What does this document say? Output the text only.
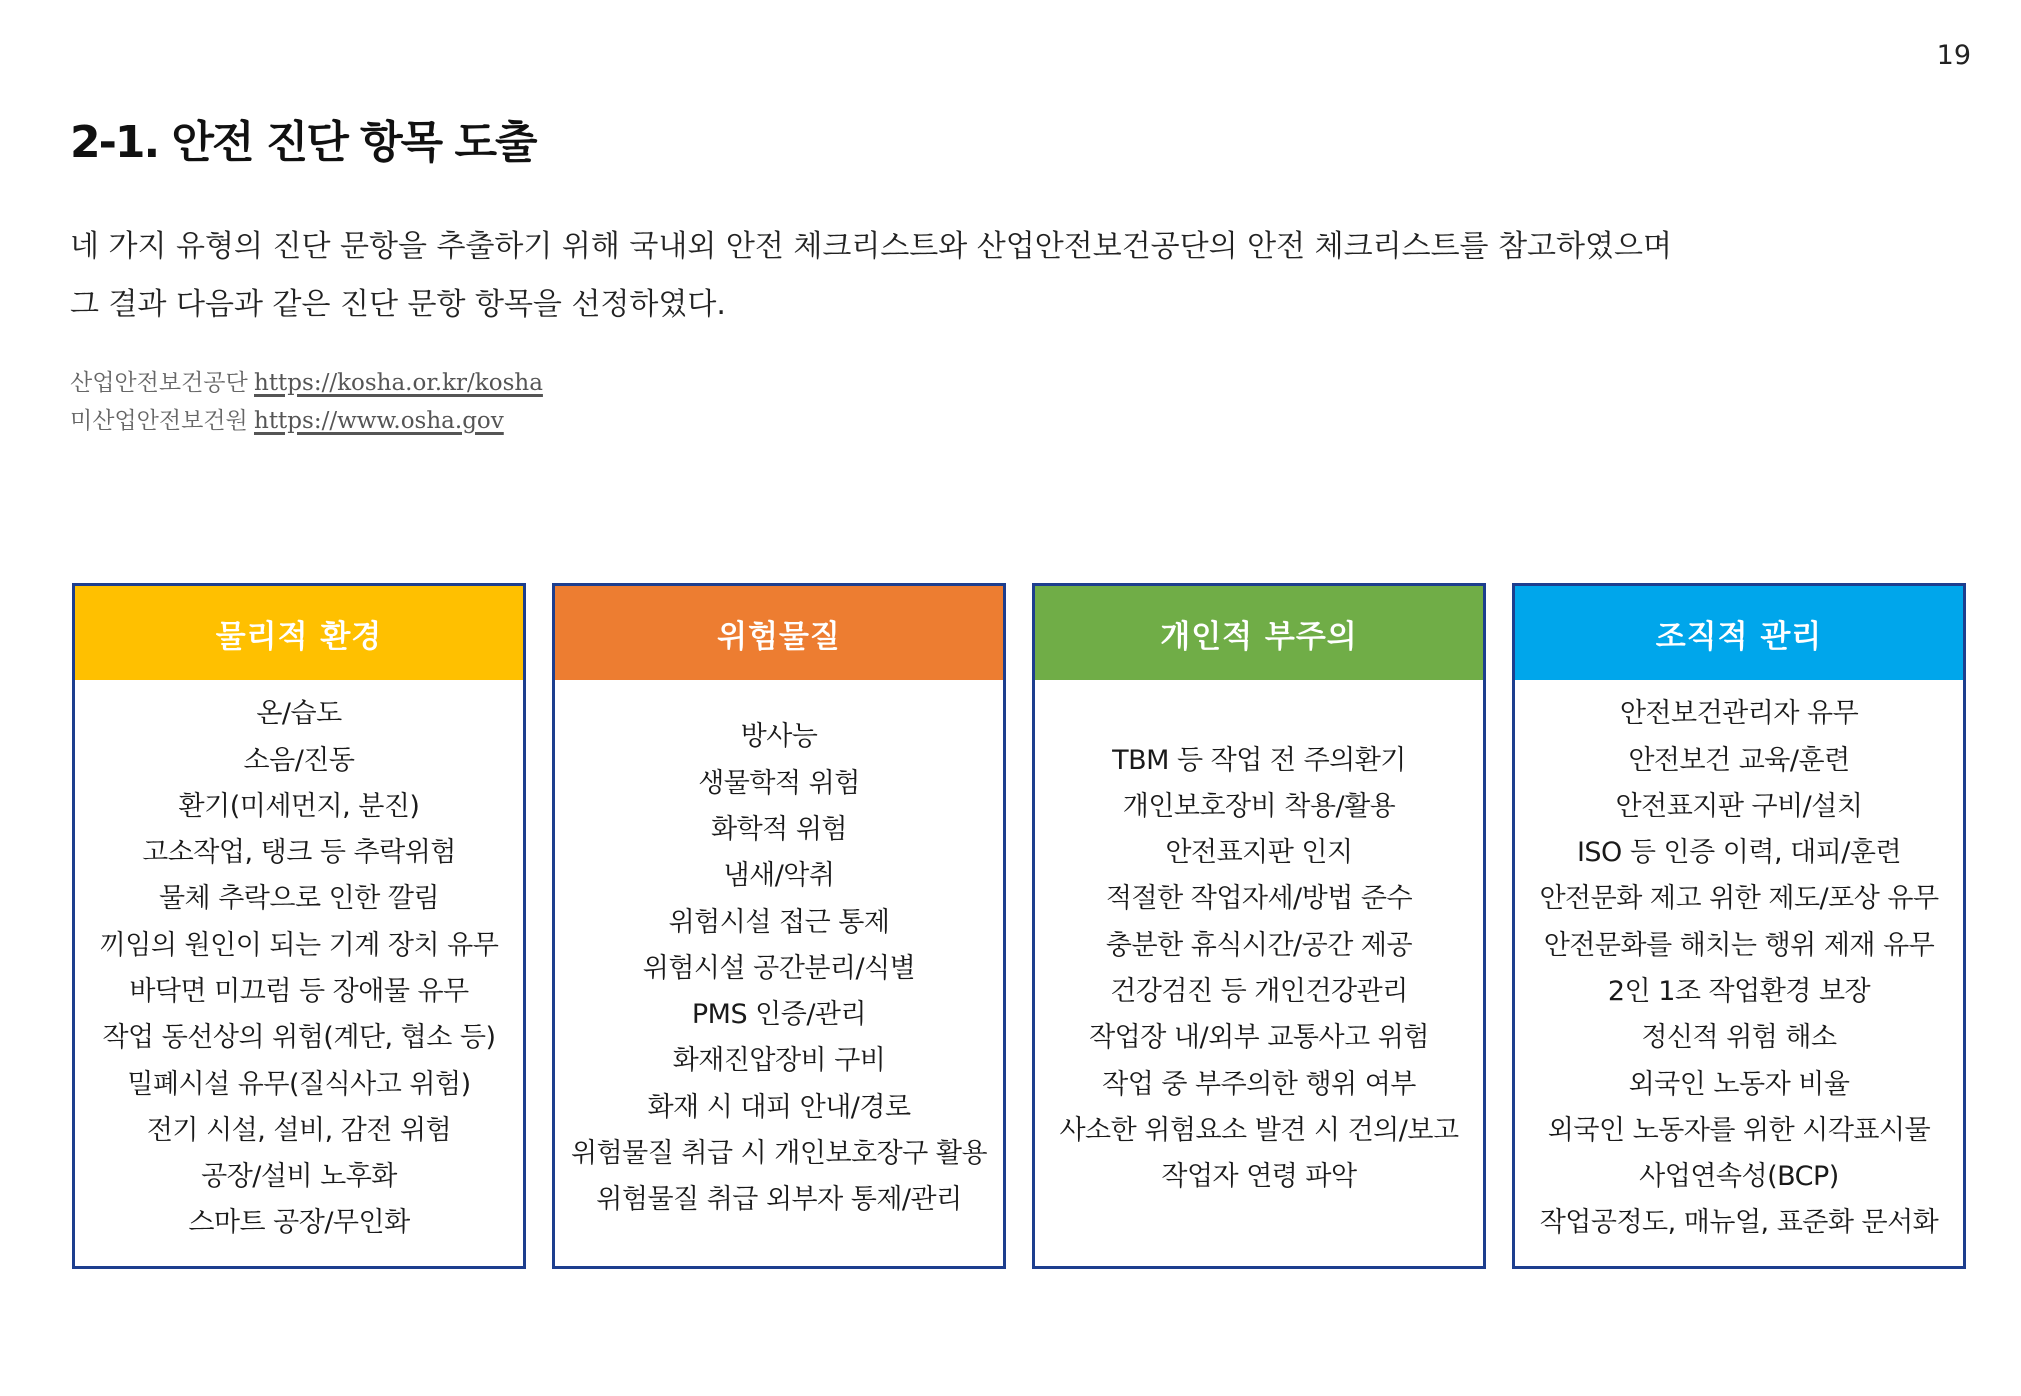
19
2-1. 안전 진단 항목 도출

네 가지 유형의 진단 문항을 추출하기 위해 국내외 안전 체크리스트와 산업안전보건공단의 안전 체크리스트를 참고하였으며

그 결과 다음과 같은 진단 문항 항목을 선정하였다.

산업안전보건공단 https://kosha.or.kr/kosha
미산업안전보건원 https://www.osha.gov
물리적 환경
온/습도
소음/진동
환기(미세먼지, 분진)
고소작업, 탱크 등 추락위험
물체 추락으로 인한 깔림
끼임의 원인이 되는 기계 장치 유무
바닥면 미끄럼 등 장애물 유무
작업 동선상의 위험(계단, 협소 등)
밀폐시설 유무(질식사고 위험)
전기 시설, 설비, 감전 위험
공장/설비 노후화
스마트 공장/무인화
위험물질
방사능
생물학적 위험
화학적 위험
냄새/악취
위험시설 접근 통제
위험시설 공간분리/식별
PMS 인증/관리
화재진압장비 구비
화재 시 대피 안내/경로
위험물질 취급 시 개인보호장구 활용
위험물질 취급 외부자 통제/관리
개인적 부주의
TBM 등 작업 전 주의환기
개인보호장비 착용/활용
안전표지판 인지
적절한 작업자세/방법 준수
충분한 휴식시간/공간 제공
건강검진 등 개인건강관리
작업장 내/외부 교통사고 위험
작업 중 부주의한 행위 여부
사소한 위험요소 발견 시 건의/보고
작업자 연령 파악
조직적 관리
안전보건관리자 유무
안전보건 교육/훈련
안전표지판 구비/설치
ISO 등 인증 이력, 대피/훈련
안전문화 제고 위한 제도/포상 유무
안전문화를 해치는 행위 제재 유무
2인 1조 작업환경 보장
정신적 위험 해소
외국인 노동자 비율
외국인 노동자를 위한 시각표시물
사업연속성(BCP)
작업공정도, 매뉴얼, 표준화 문서화
